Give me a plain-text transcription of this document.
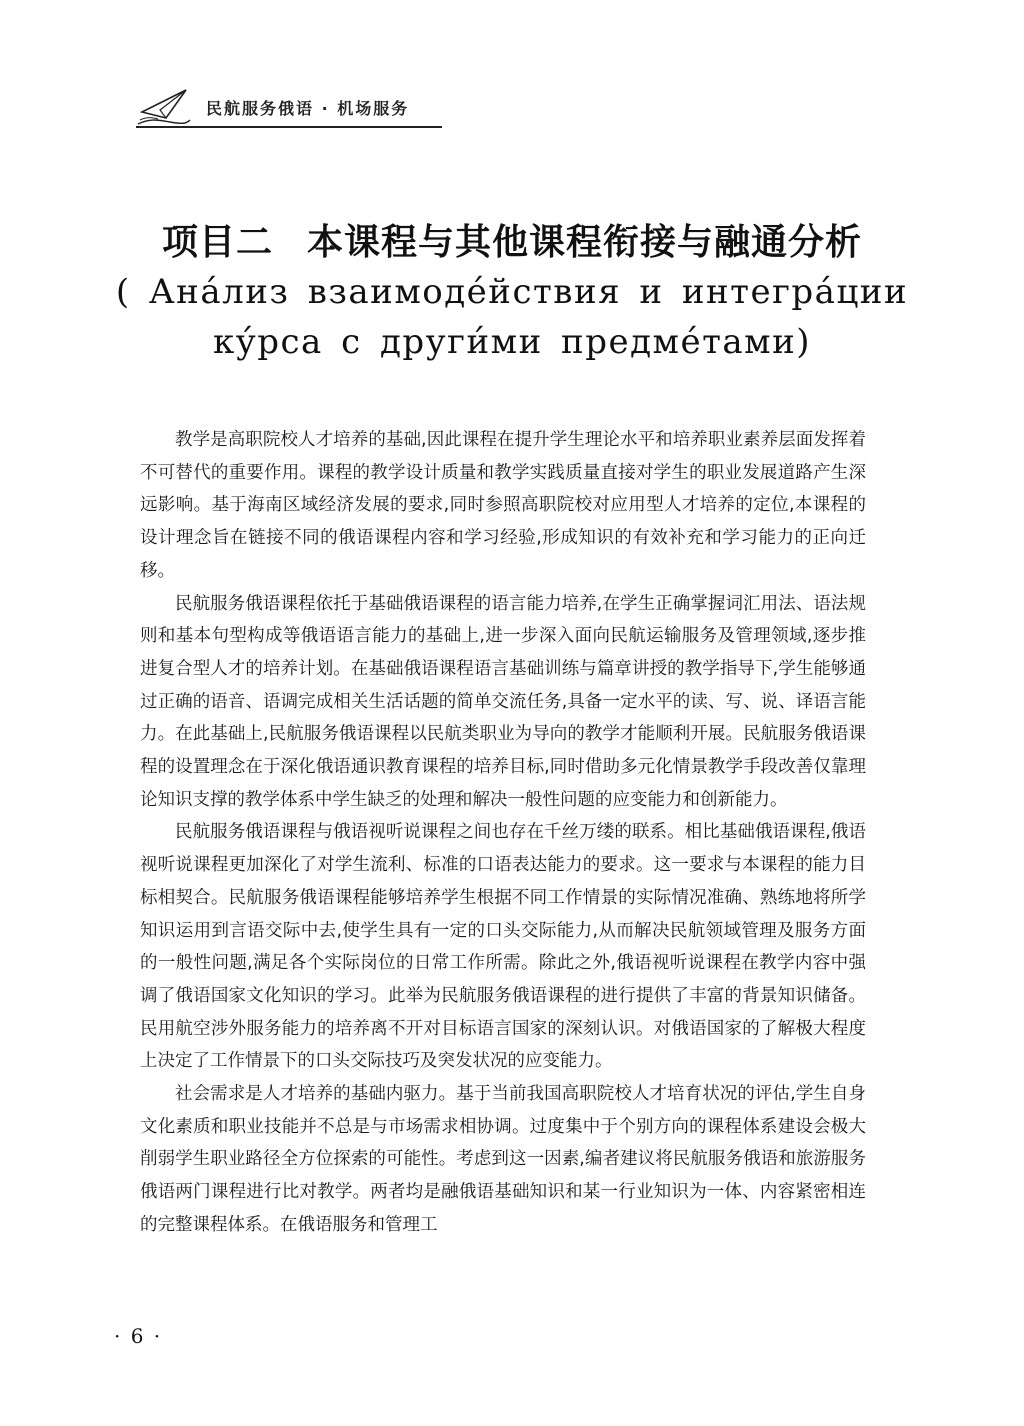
民航服务俄语 · 机场服务
项目二 本课程与其他课程衔接与融通分析
( Ана́лиз взаимоде́йствия и интегра́ции
ку́рса с други́ми предме́тами)

教学是高职院校人才培养的基础,因此课程在提升学生理论水平和培养职业素养层面发挥着不可替代的重要作用。课程的教学设计质量和教学实践质量直接对学生的职业发展道路产生深远影响。基于海南区域经济发展的要求,同时参照高职院校对应用型人才培养的定位,本课程的设计理念旨在链接不同的俄语课程内容和学习经验,形成知识的有效补充和学习能力的正向迁移。

民航服务俄语课程依托于基础俄语课程的语言能力培养,在学生正确掌握词汇用法、语法规则和基本句型构成等俄语语言能力的基础上,进一步深入面向民航运输服务及管理领域,逐步推进复合型人才的培养计划。在基础俄语课程语言基础训练与篇章讲授的教学指导下,学生能够通过正确的语音、语调完成相关生活话题的简单交流任务,具备一定水平的读、写、说、译语言能力。在此基础上,民航服务俄语课程以民航类职业为导向的教学才能顺利开展。民航服务俄语课程的设置理念在于深化俄语通识教育课程的培养目标,同时借助多元化情景教学手段改善仅靠理论知识支撑的教学体系中学生缺乏的处理和解决一般性问题的应变能力和创新能力。

民航服务俄语课程与俄语视听说课程之间也存在千丝万缕的联系。相比基础俄语课程,俄语视听说课程更加深化了对学生流利、标准的口语表达能力的要求。这一要求与本课程的能力目标相契合。民航服务俄语课程能够培养学生根据不同工作情景的实际情况准确、熟练地将所学知识运用到言语交际中去,使学生具有一定的口头交际能力,从而解决民航领域管理及服务方面的一般性问题,满足各个实际岗位的日常工作所需。除此之外,俄语视听说课程在教学内容中强调了俄语国家文化知识的学习。此举为民航服务俄语课程的进行提供了丰富的背景知识储备。民用航空涉外服务能力的培养离不开对目标语言国家的深刻认识。对俄语国家的了解极大程度上决定了工作情景下的口头交际技巧及突发状况的应变能力。

社会需求是人才培养的基础内驱力。基于当前我国高职院校人才培育状况的评估,学生自身文化素质和职业技能并不总是与市场需求相协调。过度集中于个别方向的课程体系建设会极大削弱学生职业路径全方位探索的可能性。考虑到这一因素,编者建议将民航服务俄语和旅游服务俄语两门课程进行比对教学。两者均是融俄语基础知识和某一行业知识为一体、内容紧密相连的完整课程体系。在俄语服务和管理工

· 6 ·
